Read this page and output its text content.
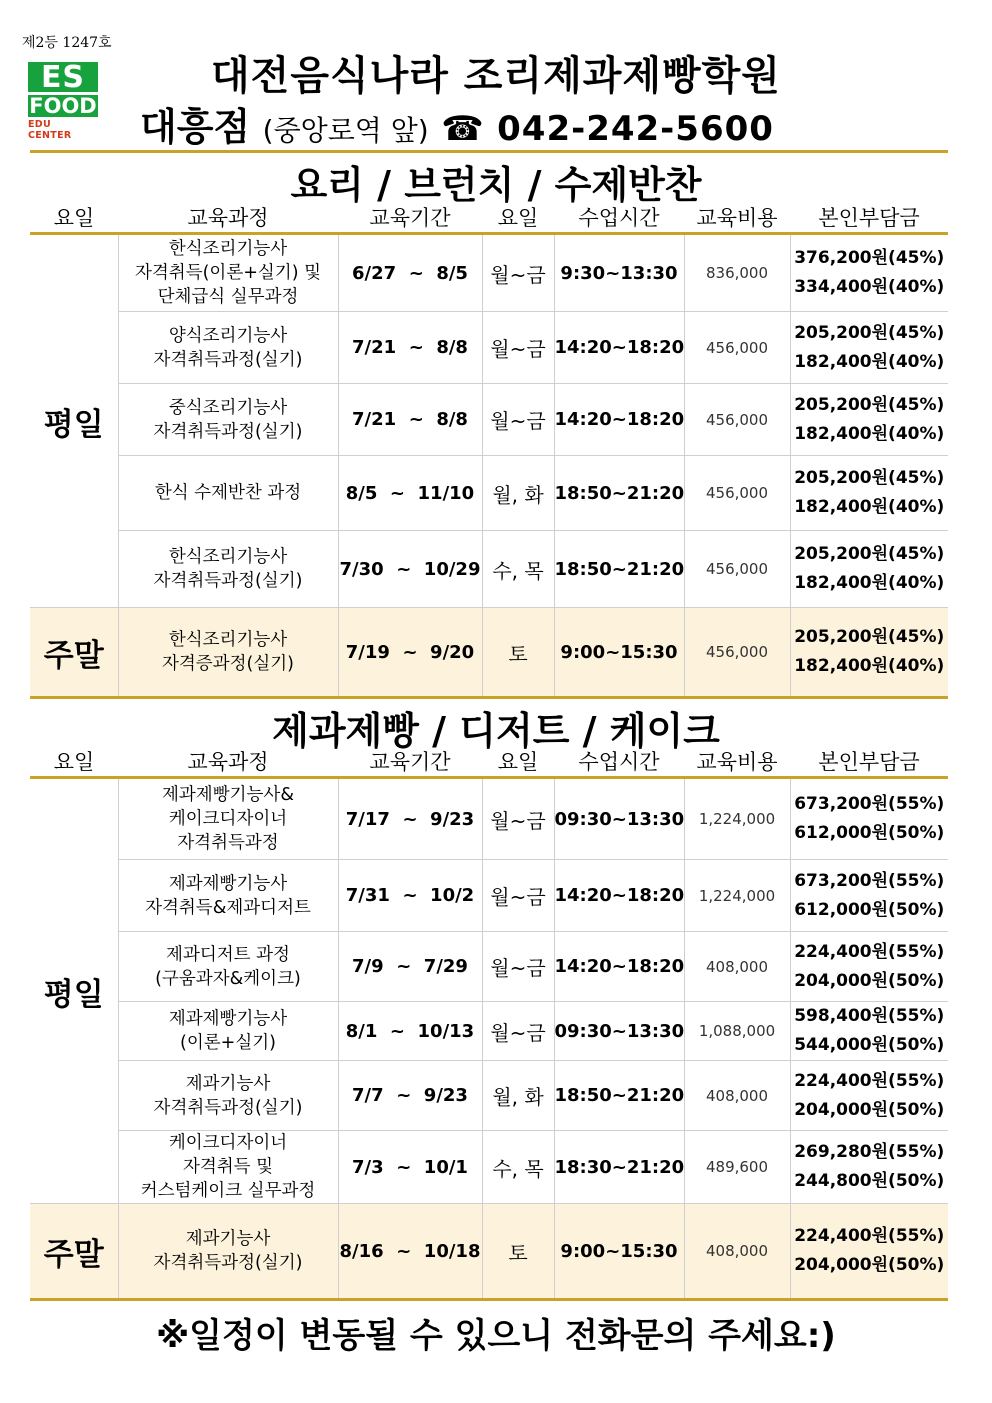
제2등 1247호
ES
FOOD
EDU CENTER
대전음식나라 조리제과제빵학원
대흥점 (중앙로역 앞) ☎ 042-242-5600
요리 / 브런치 / 수제반찬
요일	교육과정	교육기간	요일	수업시간	교육비용	본인부담금
평일	한식조리기능사
자격취득(이론+실기) 및
단체급식 실무과정	6/27  ~  8/5	월~금	9:30~13:30	836,000	376,200원(45%)
334,400원(40%)

	양식조리기능사
자격취득과정(실기)	7/21  ~  8/8	월~금	14:20~18:20	456,000	205,200원(45%)
182,400원(40%)

	중식조리기능사
자격취득과정(실기)	7/21  ~  8/8	월~금	14:20~18:20	456,000	205,200원(45%)
182,400원(40%)

	한식 수제반찬 과정	8/5  ~  11/10	월, 화	18:50~21:20	456,000	205,200원(45%)
182,400원(40%)

	한식조리기능사
자격취득과정(실기)	7/30  ~  10/29	수, 목	18:50~21:20	456,000	205,200원(45%)
182,400원(40%)

주말	한식조리기능사
자격증과정(실기)	7/19  ~  9/20	토	9:00~15:30	456,000	205,200원(45%)
182,400원(40%)
제과제빵 / 디저트 / 케이크
요일	교육과정	교육기간	요일	수업시간	교육비용	본인부담금
평일	제과제빵기능사&
케이크디자이너
자격취득과정	7/17  ~  9/23	월~금	09:30~13:30	1,224,000	673,200원(55%)
612,000원(50%)

	제과제빵기능사
자격취득&제과디저트	7/31  ~  10/2	월~금	14:20~18:20	1,224,000	673,200원(55%)
612,000원(50%)

	제과디저트 과정
(구움과자&케이크)	7/9  ~  7/29	월~금	14:20~18:20	408,000	224,400원(55%)
204,000원(50%)

	제과제빵기능사
(이론+실기)	8/1  ~  10/13	월~금	09:30~13:30	1,088,000	598,400원(55%)
544,000원(50%)

	제과기능사
자격취득과정(실기)	7/7  ~  9/23	월, 화	18:50~21:20	408,000	224,400원(55%)
204,000원(50%)

	케이크디자이너
자격취득 및
커스텀케이크 실무과정	7/3  ~  10/1	수, 목	18:30~21:20	489,600	269,280원(55%)
244,800원(50%)

주말	제과기능사
자격취득과정(실기)	8/16  ~  10/18	토	9:00~15:30	408,000	224,400원(55%)
204,000원(50%)
※일정이 변동될 수 있으니 전화문의 주세요:)
